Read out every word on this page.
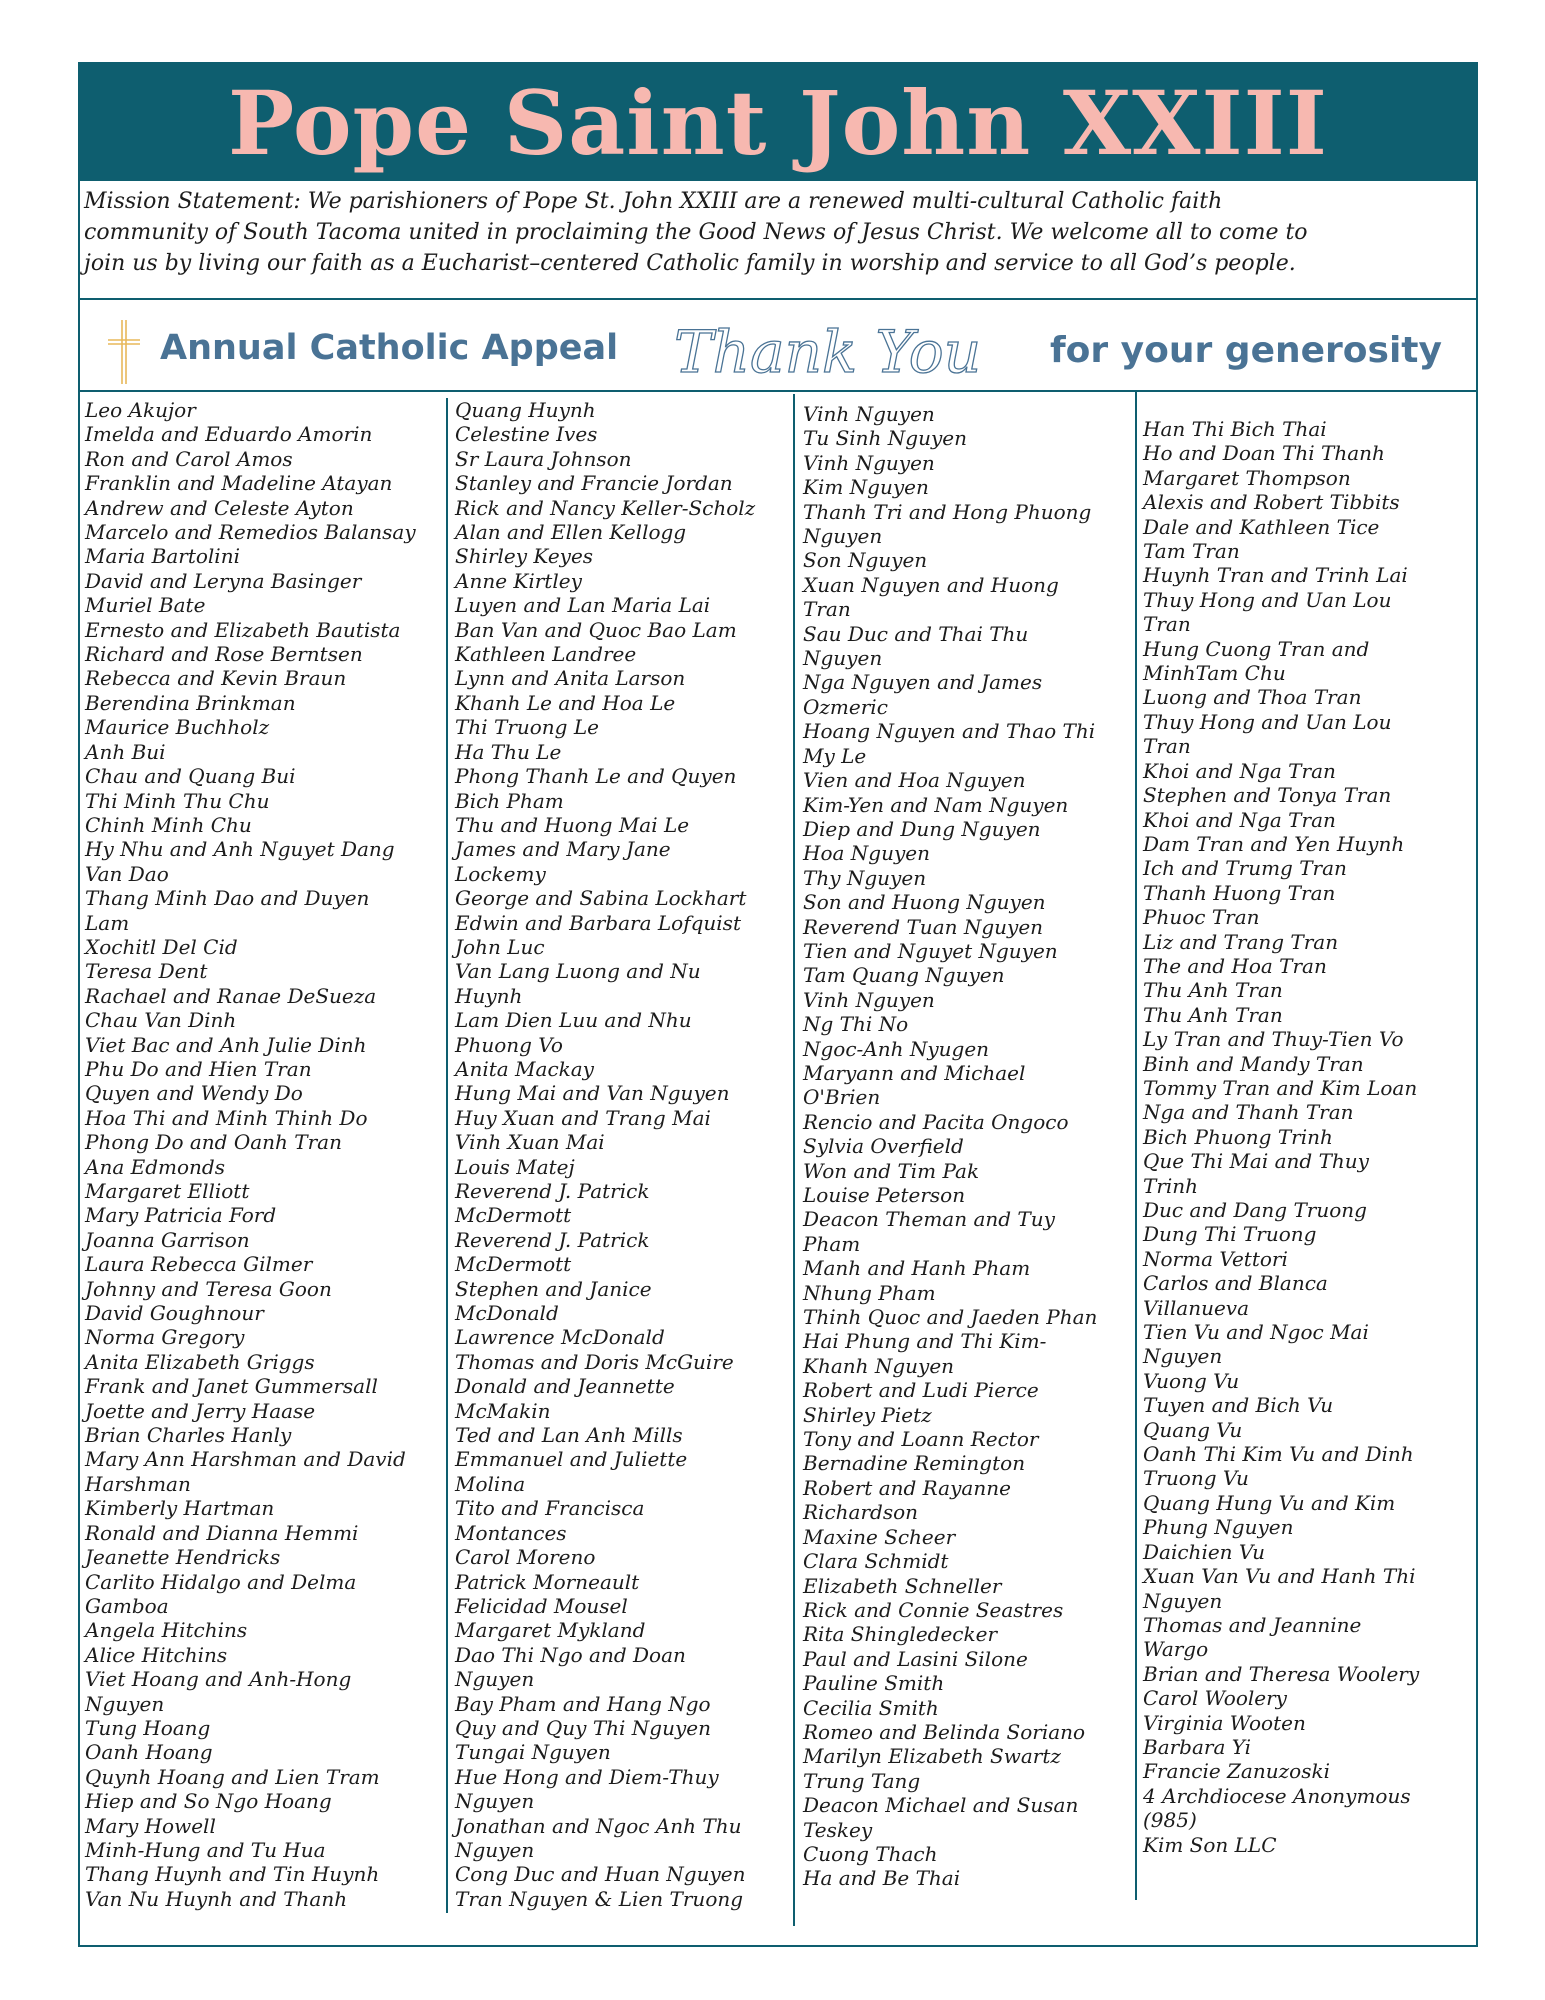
Pope Saint John XXIII
Mission Statement: We parishioners of Pope St. John XXIII are a renewed multi-cultural Catholic faith
community of South Tacoma united in proclaiming the Good News of Jesus Christ. We welcome all to come to
join us by living our faith as a Eucharist–centered Catholic family in worship and service to all God’s people.
Annual Catholic Appeal Thank You for your generosity
Leo Akujor
Imelda and Eduardo Amorin
Ron and Carol Amos
Franklin and Madeline Atayan
Andrew and Celeste Ayton
Marcelo and Remedios Balansay
Maria Bartolini
David and Leryna Basinger
Muriel Bate
Ernesto and Elizabeth Bautista
Richard and Rose Berntsen
Rebecca and Kevin Braun
Berendina Brinkman
Maurice Buchholz
Anh Bui
Chau and Quang Bui
Thi Minh Thu Chu
Chinh Minh Chu
Hy Nhu and Anh Nguyet Dang
Van Dao
Thang Minh Dao and Duyen
Lam
Xochitl Del Cid
Teresa Dent
Rachael and Ranae DeSueza
Chau Van Dinh
Viet Bac and Anh Julie Dinh
Phu Do and Hien Tran
Quyen and Wendy Do
Hoa Thi and Minh Thinh Do
Phong Do and Oanh Tran
Ana Edmonds
Margaret Elliott
Mary Patricia Ford
Joanna Garrison
Laura Rebecca Gilmer
Johnny and Teresa Goon
David Goughnour
Norma Gregory
Anita Elizabeth Griggs
Frank and Janet Gummersall
Joette and Jerry Haase
Brian Charles Hanly
Mary Ann Harshman and David
Harshman
Kimberly Hartman
Ronald and Dianna Hemmi
Jeanette Hendricks
Carlito Hidalgo and Delma
Gamboa
Angela Hitchins
Alice Hitchins
Viet Hoang and Anh-Hong
Nguyen
Tung Hoang
Oanh Hoang
Quynh Hoang and Lien Tram
Hiep and So Ngo Hoang
Mary Howell
Minh-Hung and Tu Hua
Thang Huynh and Tin Huynh
Van Nu Huynh and Thanh
Quang Huynh
Celestine Ives
Sr Laura Johnson
Stanley and Francie Jordan
Rick and Nancy Keller-Scholz
Alan and Ellen Kellogg
Shirley Keyes
Anne Kirtley
Luyen and Lan Maria Lai
Ban Van and Quoc Bao Lam
Kathleen Landree
Lynn and Anita Larson
Khanh Le and Hoa Le
Thi Truong Le
Ha Thu Le
Phong Thanh Le and Quyen
Bich Pham
Thu and Huong Mai Le
James and Mary Jane
Lockemy
George and Sabina Lockhart
Edwin and Barbara Lofquist
John Luc
Van Lang Luong and Nu
Huynh
Lam Dien Luu and Nhu
Phuong Vo
Anita Mackay
Hung Mai and Van Nguyen
Huy Xuan and Trang Mai
Vinh Xuan Mai
Louis Matej
Reverend J. Patrick
McDermott
Reverend J. Patrick
McDermott
Stephen and Janice
McDonald
Lawrence McDonald
Thomas and Doris McGuire
Donald and Jeannette
McMakin
Ted and Lan Anh Mills
Emmanuel and Juliette
Molina
Tito and Francisca
Montances
Carol Moreno
Patrick Morneault
Felicidad Mousel
Margaret Mykland
Dao Thi Ngo and Doan
Nguyen
Bay Pham and Hang Ngo
Quy and Quy Thi Nguyen
Tungai Nguyen
Hue Hong and Diem-Thuy
Nguyen
Jonathan and Ngoc Anh Thu
Nguyen
Cong Duc and Huan Nguyen
Tran Nguyen & Lien Truong
Vinh Nguyen
Tu Sinh Nguyen
Vinh Nguyen
Kim Nguyen
Thanh Tri and Hong Phuong
Nguyen
Son Nguyen
Xuan Nguyen and Huong
Tran
Sau Duc and Thai Thu
Nguyen
Nga Nguyen and James
Ozmeric
Hoang Nguyen and Thao Thi
My Le
Vien and Hoa Nguyen
Kim-Yen and Nam Nguyen
Diep and Dung Nguyen
Hoa Nguyen
Thy Nguyen
Son and Huong Nguyen
Reverend Tuan Nguyen
Tien and Nguyet Nguyen
Tam Quang Nguyen
Vinh Nguyen
Ng Thi No
Ngoc-Anh Nyugen
Maryann and Michael
O'Brien
Rencio and Pacita Ongoco
Sylvia Overfield
Won and Tim Pak
Louise Peterson
Deacon Theman and Tuy
Pham
Manh and Hanh Pham
Nhung Pham
Thinh Quoc and Jaeden Phan
Hai Phung and Thi Kim-
Khanh Nguyen
Robert and Ludi Pierce
Shirley Pietz
Tony and Loann Rector
Bernadine Remington
Robert and Rayanne
Richardson
Maxine Scheer
Clara Schmidt
Elizabeth Schneller
Rick and Connie Seastres
Rita Shingledecker
Paul and Lasini Silone
Pauline Smith
Cecilia Smith
Romeo and Belinda Soriano
Marilyn Elizabeth Swartz
Trung Tang
Deacon Michael and Susan
Teskey
Cuong Thach
Ha and Be Thai
Han Thi Bich Thai
Ho and Doan Thi Thanh
Margaret Thompson
Alexis and Robert Tibbits
Dale and Kathleen Tice
Tam Tran
Huynh Tran and Trinh Lai
Thuy Hong and Uan Lou
Tran
Hung Cuong Tran and
MinhTam Chu
Luong and Thoa Tran
Thuy Hong and Uan Lou
Tran
Khoi and Nga Tran
Stephen and Tonya Tran
Khoi and Nga Tran
Dam Tran and Yen Huynh
Ich and Trumg Tran
Thanh Huong Tran
Phuoc Tran
Liz and Trang Tran
The and Hoa Tran
Thu Anh Tran
Thu Anh Tran
Ly Tran and Thuy-Tien Vo
Binh and Mandy Tran
Tommy Tran and Kim Loan
Nga and Thanh Tran
Bich Phuong Trinh
Que Thi Mai and Thuy
Trinh
Duc and Dang Truong
Dung Thi Truong
Norma Vettori
Carlos and Blanca
Villanueva
Tien Vu and Ngoc Mai
Nguyen
Vuong Vu
Tuyen and Bich Vu
Quang Vu
Oanh Thi Kim Vu and Dinh
Truong Vu
Quang Hung Vu and Kim
Phung Nguyen
Daichien Vu
Xuan Van Vu and Hanh Thi
Nguyen
Thomas and Jeannine
Wargo
Brian and Theresa Woolery
Carol Woolery
Virginia Wooten
Barbara Yi
Francie Zanuzoski
4 Archdiocese Anonymous
(985)
Kim Son LLC
